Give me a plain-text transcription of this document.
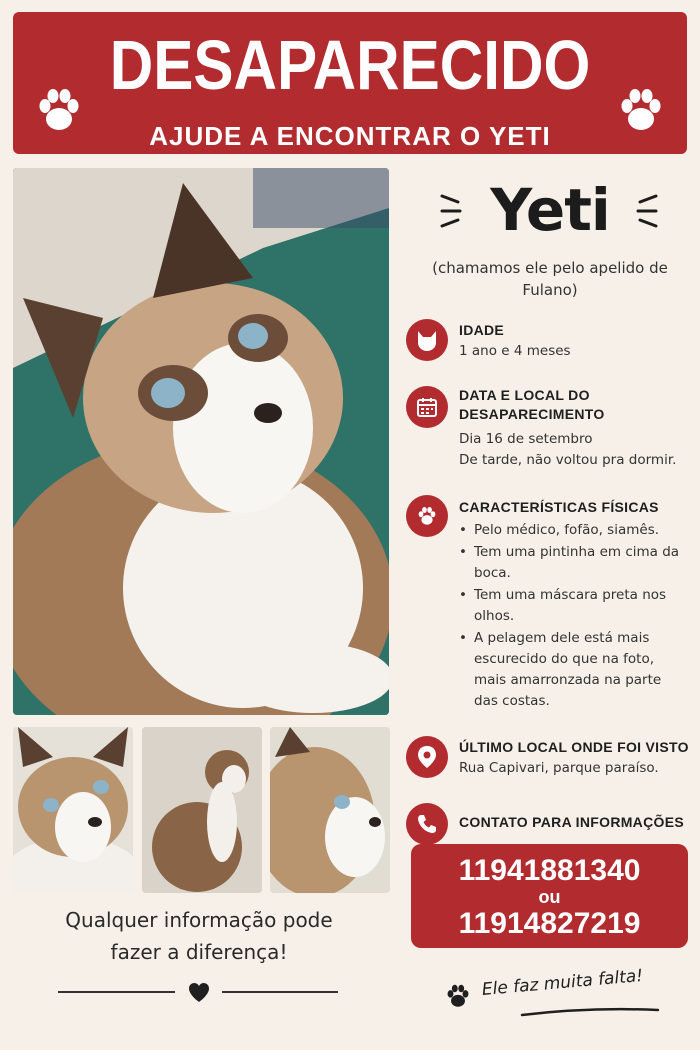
DESAPARECIDO
AJUDE A ENCONTRAR O YETI
Yeti
(chamamos ele pelo apelido de Fulano)
IDADE
1 ano e 4 meses
DATA E LOCAL DO
DESAPARECIMENTO
Dia 16 de setembro
De tarde, não voltou pra dormir.
CARACTERÍSTICAS FÍSICAS
• Pelo médico, fofão, siamês.
• Tem uma pintinha em cima da boca.
• Tem uma máscara preta nos olhos.
• A pelagem dele está mais escurecido do que na foto, mais amarronzada na parte das costas.
ÚLTIMO LOCAL ONDE FOI VISTO
Rua Capivari, parque paraíso.
CONTATO PARA INFORMAÇÕES
11941881340
ou
11914827219
Qualquer informação pode
fazer a diferença!
Ele faz muita falta!
